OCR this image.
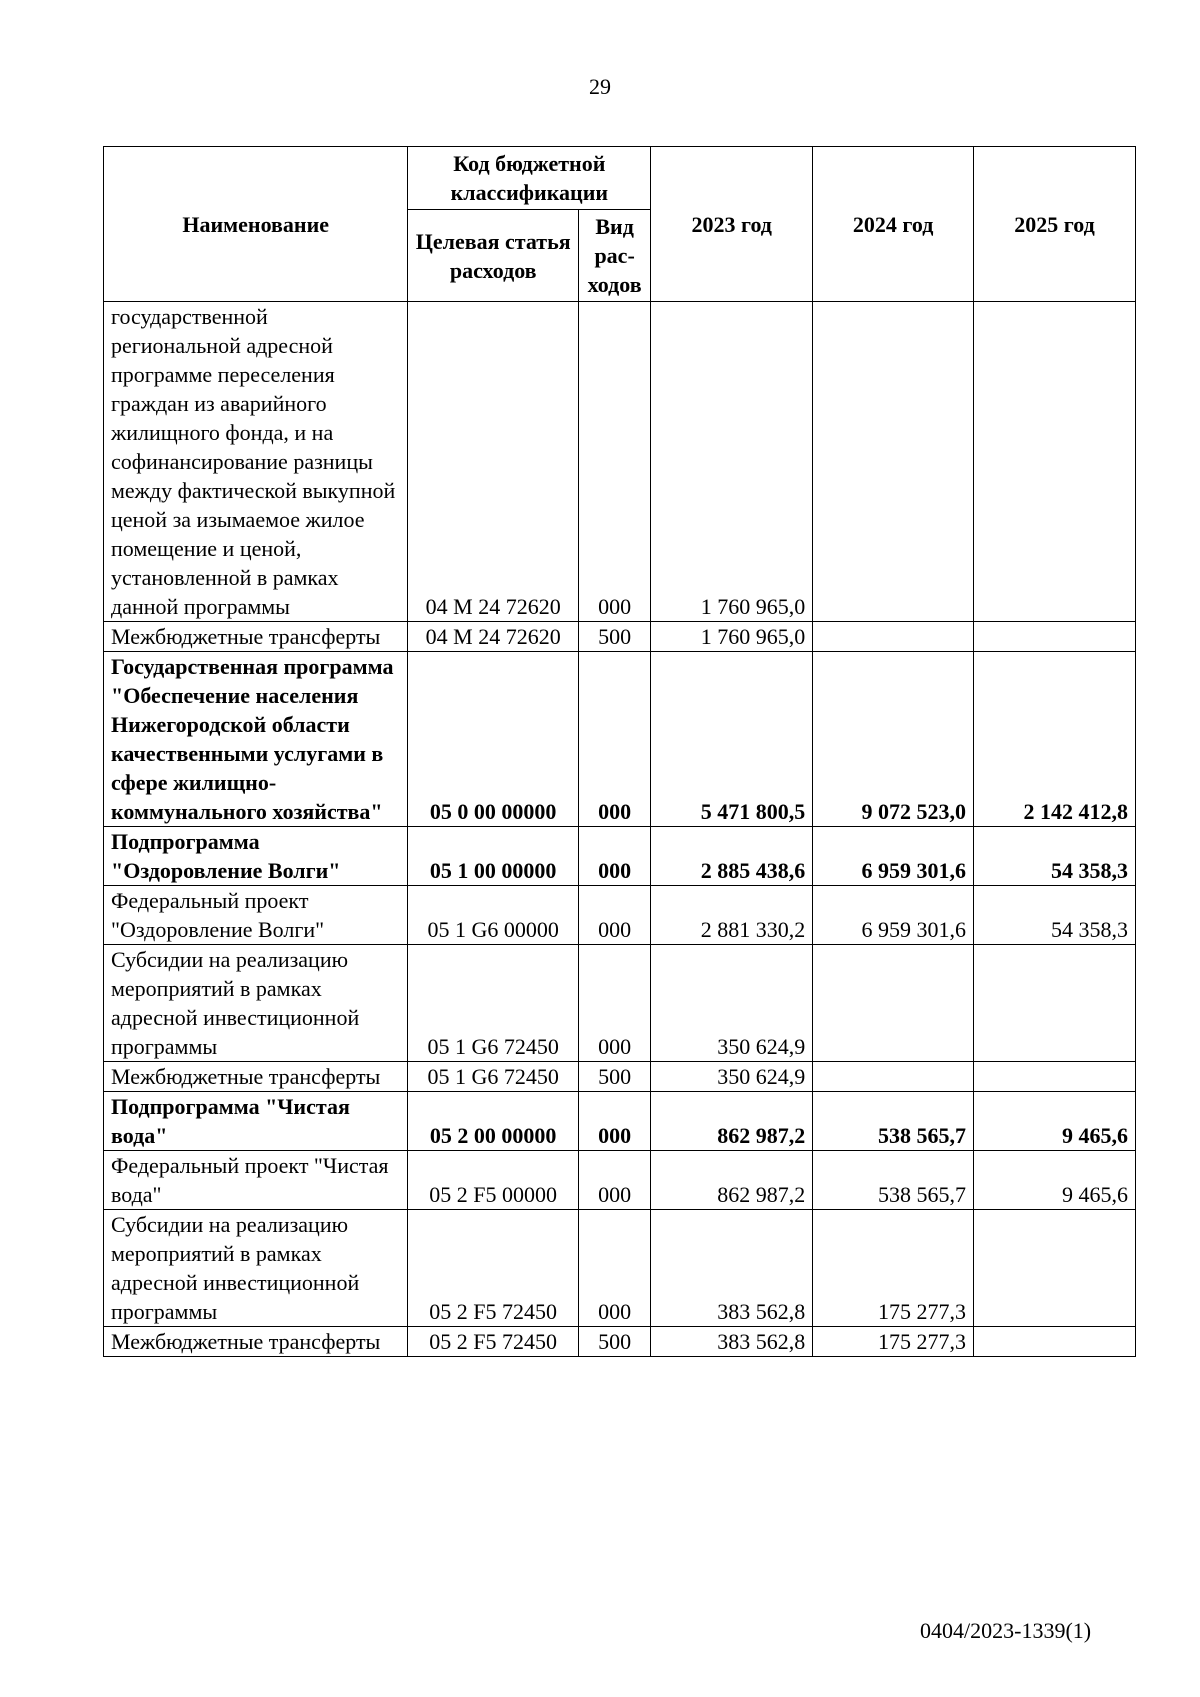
29
Наименование	Код бюджетной классификации		2023 год	2024 год	2025 год
	Целевая статья расходов	Вид рас-ходов			
государственной региональной адресной программе переселения граждан из аварийного жилищного фонда, и на софинансирование разницы между фактической выкупной ценой за изымаемое жилое помещение и ценой, установленной в рамках данной программы	04 М 24 72620	000	1 760 965,0		
Межбюджетные трансферты	04 М 24 72620	500	1 760 965,0		
Государственная программа "Обеспечение населения Нижегородской области качественными услугами в сфере жилищно-коммунального хозяйства"	05 0 00 00000	000	5 471 800,5	9 072 523,0	2 142 412,8
Подпрограмма "Оздоровление Волги"	05 1 00 00000	000	2 885 438,6	6 959 301,6	54 358,3
Федеральный проект "Оздоровление Волги"	05 1 G6 00000	000	2 881 330,2	6 959 301,6	54 358,3
Субсидии на реализацию мероприятий в рамках адресной инвестиционной программы	05 1 G6 72450	000	350 624,9		
Межбюджетные трансферты	05 1 G6 72450	500	350 624,9		
Подпрограмма "Чистая вода"	05 2 00 00000	000	862 987,2	538 565,7	9 465,6
Федеральный проект "Чистая вода"	05 2 F5 00000	000	862 987,2	538 565,7	9 465,6
Субсидии на реализацию мероприятий в рамках адресной инвестиционной программы	05 2 F5 72450	000	383 562,8	175 277,3	
Межбюджетные трансферты	05 2 F5 72450	500	383 562,8	175 277,3	
0404/2023-1339(1)
